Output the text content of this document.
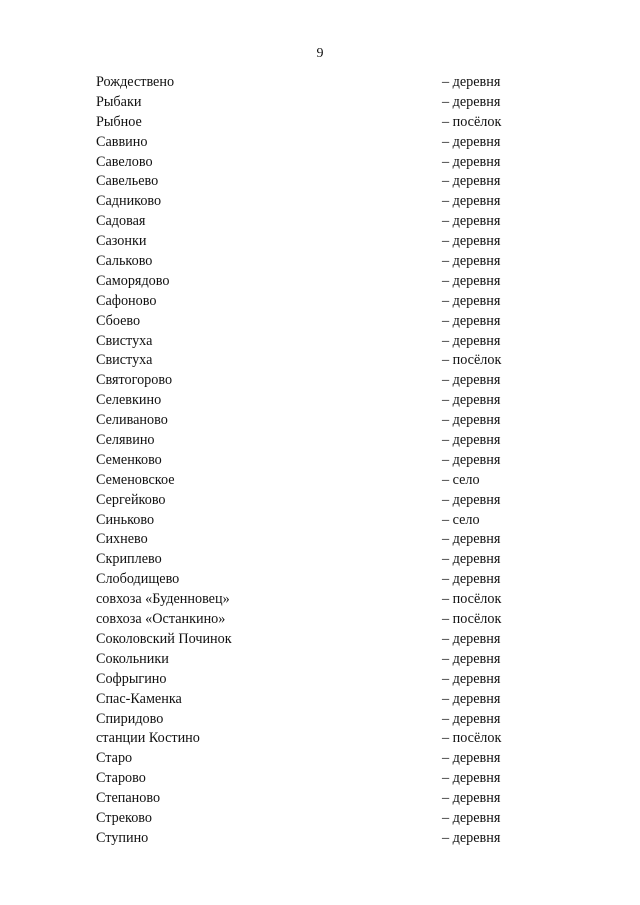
9
Рождествено	– деревня
Рыбаки	– деревня
Рыбное	– посёлок
Саввино	– деревня
Савелово	– деревня
Савельево	– деревня
Садниково	– деревня
Садовая	– деревня
Сазонки	– деревня
Сальково	– деревня
Саморядово	– деревня
Сафоново	– деревня
Сбоево	– деревня
Свистуха	– деревня
Свистуха	– посёлок
Святогорово	– деревня
Селевкино	– деревня
Селиваново	– деревня
Селявино	– деревня
Семенково	– деревня
Семеновское	– село
Сергейково	– деревня
Синьково	– село
Сихнево	– деревня
Скриплево	– деревня
Слободищево	– деревня
совхоза «Буденновец»	– посёлок
совхоза «Останкино»	– посёлок
Соколовский Починок	– деревня
Сокольники	– деревня
Софрыгино	– деревня
Спас-Каменка	– деревня
Спиридово	– деревня
станции Костино	– посёлок
Старо	– деревня
Старово	– деревня
Степаново	– деревня
Стреково	– деревня
Ступино	– деревня
